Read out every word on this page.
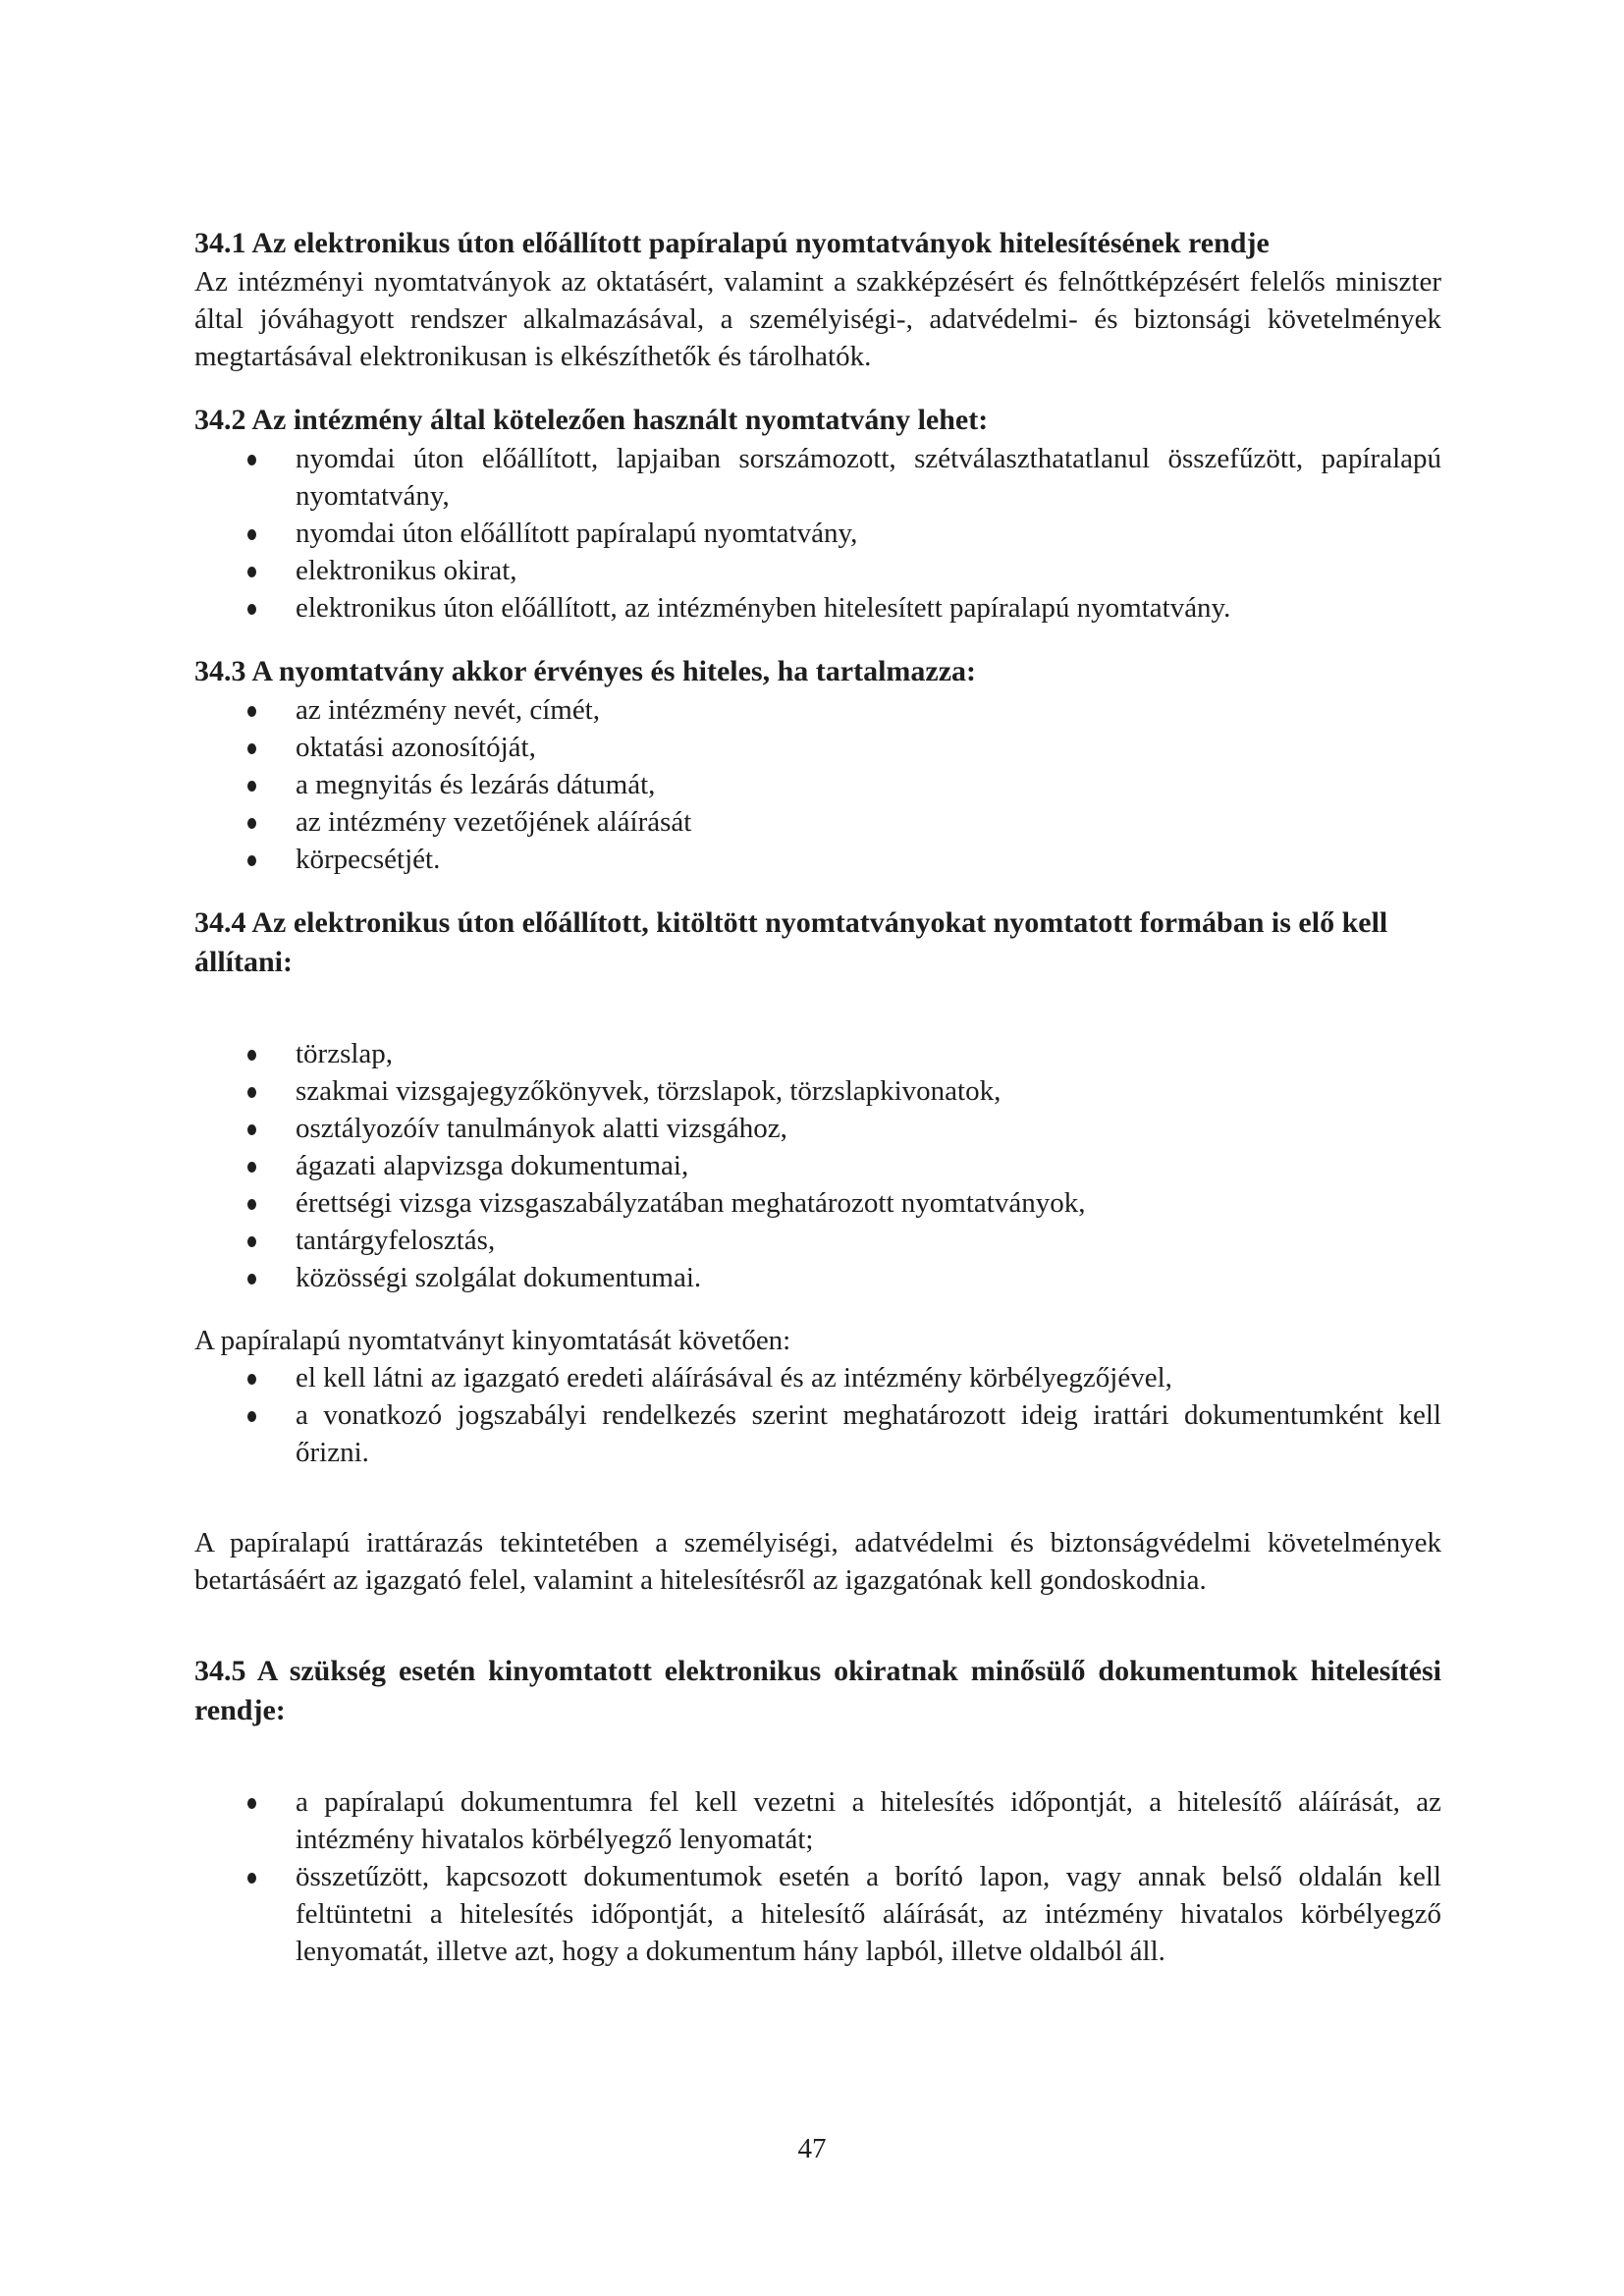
34.1 Az elektronikus úton előállított papíralapú nyomtatványok hitelesítésének rendje

Az intézményi nyomtatványok az oktatásért, valamint a szakképzésért és felnőttképzésért felelős miniszter által jóváhagyott rendszer alkalmazásával, a személyiségi-, adatvédelmi- és biztonsági követelmények megtartásával elektronikusan is elkészíthetők és tárolhatók.

34.2 Az intézmény által kötelezően használt nyomtatvány lehet:
nyomdai úton előállított, lapjaiban sorszámozott, szétválaszthatatlanul összefűzött, papíralapú nyomtatvány,
nyomdai úton előállított papíralapú nyomtatvány,
elektronikus okirat,
elektronikus úton előállított, az intézményben hitelesített papíralapú nyomtatvány.
34.3 A nyomtatvány akkor érvényes és hiteles, ha tartalmazza:
az intézmény nevét, címét,
oktatási azonosítóját,
a megnyitás és lezárás dátumát,
az intézmény vezetőjének aláírását
körpecsétjét.
34.4 Az elektronikus úton előállított, kitöltött nyomtatványokat nyomtatott formában is elő kell állítani:
törzslap,
szakmai vizsgajegyzőkönyvek, törzslapok, törzslapkivonatok,
osztályozóív tanulmányok alatti vizsgához,
ágazati alapvizsga dokumentumai,
érettségi vizsga vizsgaszabályzatában meghatározott nyomtatványok,
tantárgyfelosztás,
közösségi szolgálat dokumentumai.

A papíralapú nyomtatványt kinyomtatását követően:

el kell látni az igazgató eredeti aláírásával és az intézmény körbélyegzőjével,
a vonatkozó jogszabályi rendelkezés szerint meghatározott ideig irattári dokumentumként kell őrizni.

A papíralapú irattárazás tekintetében a személyiségi, adatvédelmi és biztonságvédelmi követelmények betartásáért az igazgató felel, valamint a hitelesítésről az igazgatónak kell gondoskodnia.

34.5 A szükség esetén kinyomtatott elektronikus okiratnak minősülő dokumentumok hitelesítési rendje:
a papíralapú dokumentumra fel kell vezetni a hitelesítés időpontját, a hitelesítő aláírását, az intézmény hivatalos körbélyegző lenyomatát;
összetűzött, kapcsozott dokumentumok esetén a borító lapon, vagy annak belső oldalán kell feltüntetni a hitelesítés időpontját, a hitelesítő aláírását, az intézmény hivatalos körbélyegző lenyomatát, illetve azt, hogy a dokumentum hány lapból, illetve oldalból áll.
47
